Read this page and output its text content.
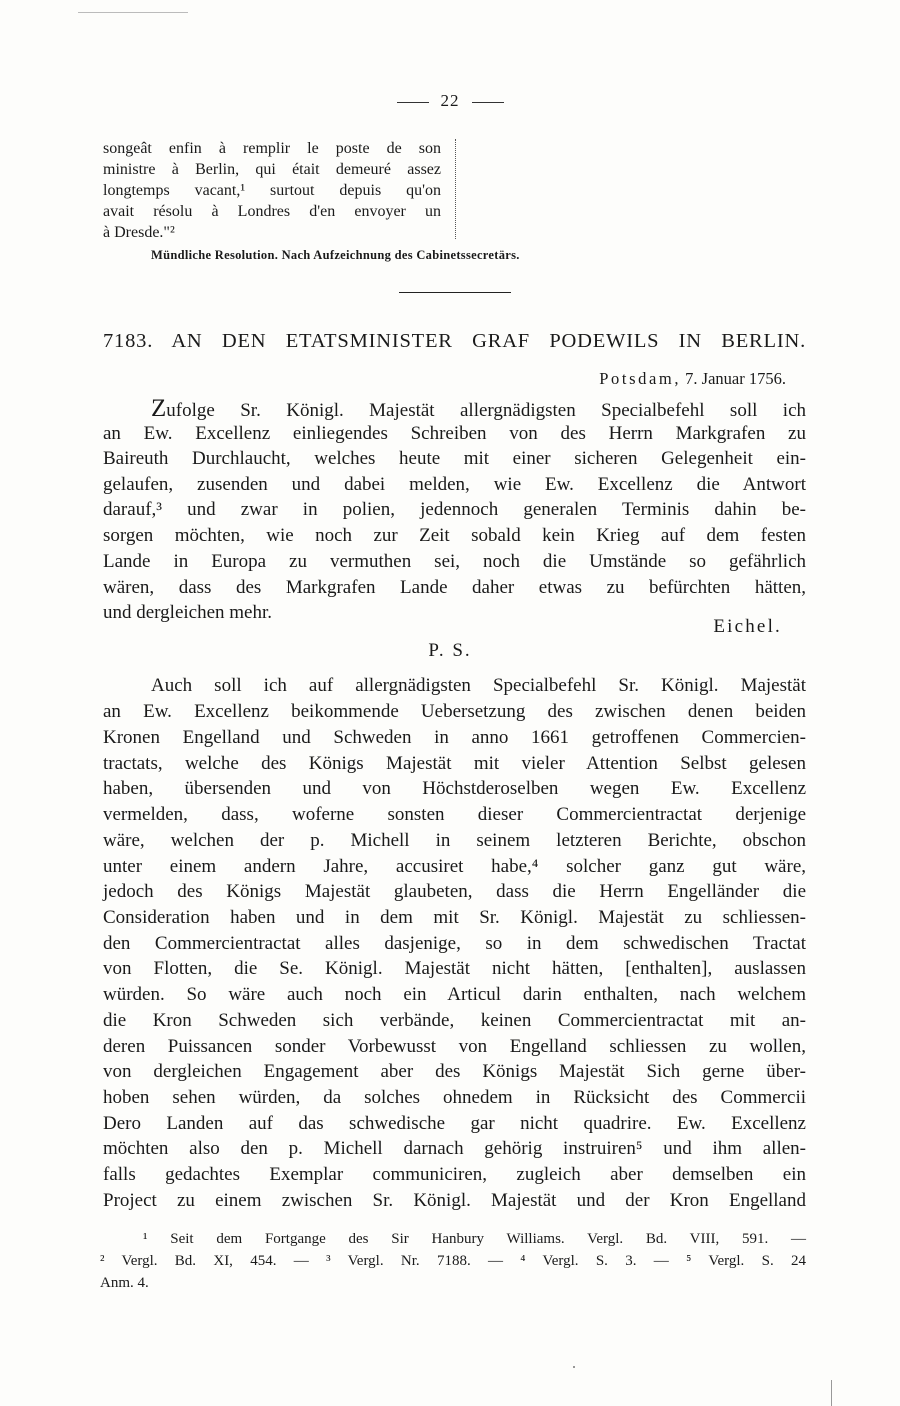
22
songeât enfin à remplir le poste de son
ministre à Berlin, qui était demeuré assez
longtemps vacant,¹ surtout depuis qu'on
avait résolu à Londres d'en envoyer un
à Dresde."²
Mündliche Resolution. Nach Aufzeichnung des Cabinetssecretärs.
7183. AN DEN ETATSMINISTER GRAF PODEWILS IN BERLIN.
Potsdam, 7. Januar 1756.
Zufolge Sr. Königl. Majestät allergnädigsten Specialbefehl soll ich
an Ew. Excellenz einliegendes Schreiben von des Herrn Markgrafen zu
Baireuth Durchlaucht, welches heute mit einer sicheren Gelegenheit ein-
gelaufen, zusenden und dabei melden, wie Ew. Excellenz die Antwort
darauf,³ und zwar in polien, jedennoch generalen Terminis dahin be-
sorgen möchten, wie noch zur Zeit sobald kein Krieg auf dem festen
Lande in Europa zu vermuthen sei, noch die Umstände so gefährlich
wären, dass des Markgrafen Lande daher etwas zu befürchten hätten,
und dergleichen mehr.
Eichel.
P. S.
Auch soll ich auf allergnädigsten Specialbefehl Sr. Königl. Majestät
an Ew. Excellenz beikommende Uebersetzung des zwischen denen beiden
Kronen Engelland und Schweden in anno 1661 getroffenen Commercien-
tractats, welche des Königs Majestät mit vieler Attention Selbst gelesen
haben, übersenden und von Höchstderoselben wegen Ew. Excellenz
vermelden, dass, woferne sonsten dieser Commercientractat derjenige
wäre, welchen der p. Michell in seinem letzteren Berichte, obschon
unter einem andern Jahre, accusiret habe,⁴ solcher ganz gut wäre,
jedoch des Königs Majestät glaubeten, dass die Herrn Engelländer die
Consideration haben und in dem mit Sr. Königl. Majestät zu schliessen-
den Commercientractat alles dasjenige, so in dem schwedischen Tractat
von Flotten, die Se. Königl. Majestät nicht hätten, [enthalten], auslassen
würden. So wäre auch noch ein Articul darin enthalten, nach welchem
die Kron Schweden sich verbände, keinen Commercientractat mit an-
deren Puissancen sonder Vorbewusst von Engelland schliessen zu wollen,
von dergleichen Engagement aber des Königs Majestät Sich gerne über-
hoben sehen würden, da solches ohnedem in Rücksicht des Commercii
Dero Landen auf das schwedische gar nicht quadrire. Ew. Excellenz
möchten also den p. Michell darnach gehörig instruiren⁵ und ihm allen-
falls gedachtes Exemplar communiciren, zugleich aber demselben ein
Project zu einem zwischen Sr. Königl. Majestät und der Kron Engelland
¹ Seit dem Fortgange des Sir Hanbury Williams. Vergl. Bd. VIII, 591. —
² Vergl. Bd. XI, 454. — ³ Vergl. Nr. 7188. — ⁴ Vergl. S. 3. — ⁵ Vergl. S. 24
Anm. 4.
